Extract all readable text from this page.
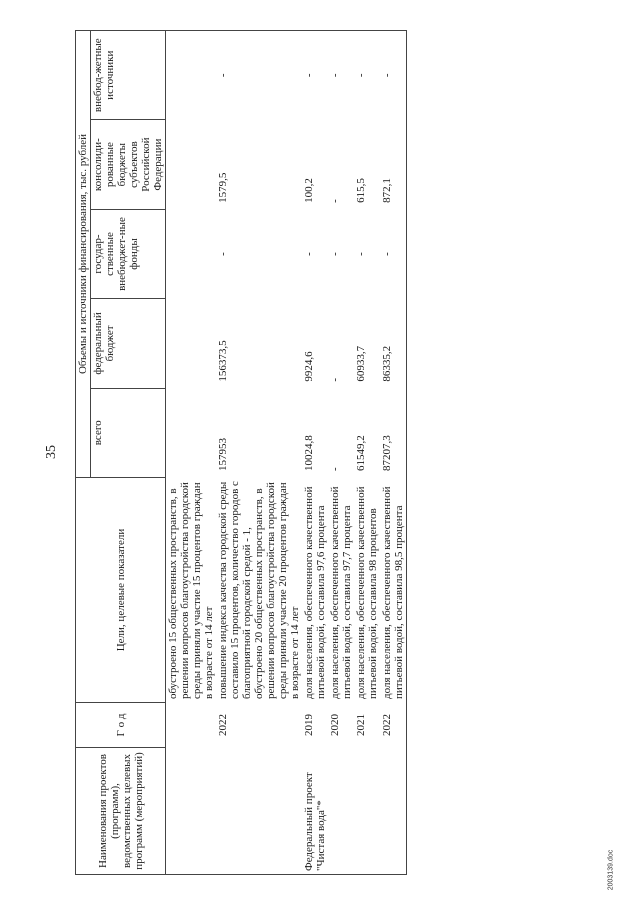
35
2003139.doc
Наименования проектов (программ), ведомственных целевых программ (мероприятий)	Г о д	Цели, целевые показатели	Объемы и источники финансирования, тыс. рублей				
			всего	федеральный бюджет	государ-ственные внебюджет-ные фонды	консолиди-рованные бюджеты субъектов Российской Федерации	внебюд-жетные источники
		обустроено 15 общественных пространств, в решении вопросов благоустройства городской среды приняли участие 15 процентов граждан в возрасте от 14 лет					
	2022	повышение индекса качества городской среды составило 15 процентов, количество городов с благоприятной городской средой - 1, обустроено 20 общественных пространств, в решении вопросов благоустройства городской среды приняли участие 20 процентов граждан в возрасте от 14 лет	157953	156373,5	-	1579,5	-
Федеральный проект "Чистая вода"*	2019	доля населения, обеспеченного качественной питьевой водой, составила 97,6 процента	10024,8	9924,6	-	100,2	-
	2020	доля населения, обеспеченного качественной питьевой водой, составила 97,7 процента	-	-	-	-	-
	2021	доля населения, обеспеченного качественной питьевой водой, составила 98 процентов	61549,2	60933,7	-	615,5	-
	2022	доля населения, обеспеченного качественной питьевой водой, составила 98,5 процента	87207,3	86335,2	-	872,1	-
